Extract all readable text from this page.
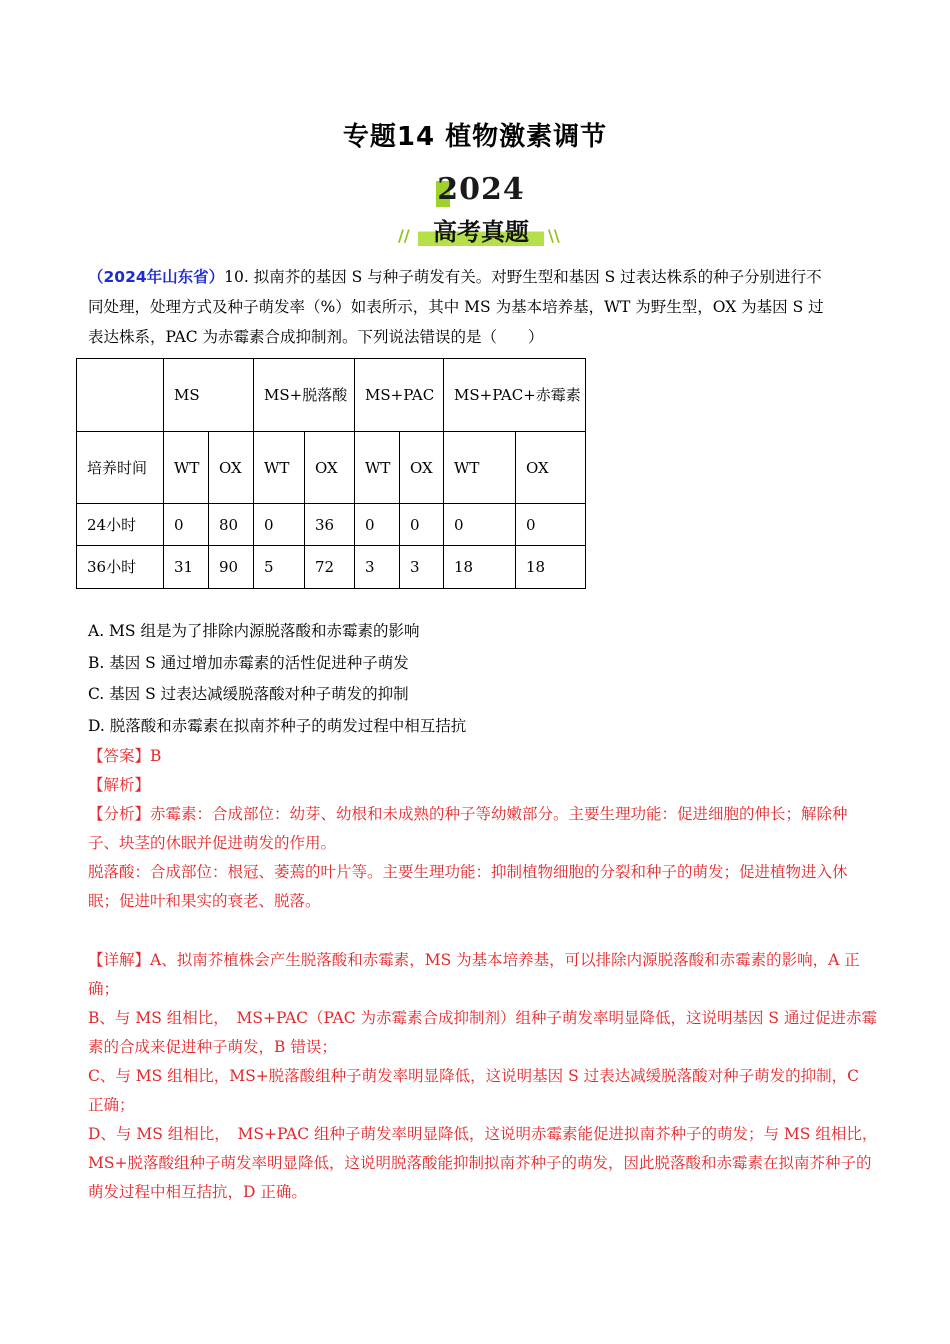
专题14 植物激素调节
2024
// 高考真题	\\
（2024年山东省）10. 拟南芥的基因 S 与种子萌发有关。对野生型和基因 S 过表达株系的种子分别进行不
同处理，处理方式及种子萌发率（%）如表所示，其中 MS 为基本培养基，WT 为野生型，OX 为基因 S 过
表达株系，PAC 为赤霉素合成抑制剂。下列说法错误的是（　　）
	MS		MS+脱落酸		MS+PAC		MS+PAC+赤霉素	
培养时间	WT	OX	WT	OX	WT	OX	WT	OX
24小时	0	80	0	36	0	0	0	0
36小时	31	90	5	72	3	3	18	18
A. MS 组是为了排除内源脱落酸和赤霉素的影响
B. 基因 S 通过增加赤霉素的活性促进种子萌发
C. 基因 S 过表达减缓脱落酸对种子萌发的抑制
D. 脱落酸和赤霉素在拟南芥种子的萌发过程中相互拮抗

【答案】B

【解析】

【分析】赤霉素：合成部位：幼芽、幼根和未成熟的种子等幼嫩部分。主要生理功能：促进细胞的伸长；解除种子、块茎的休眠并促进萌发的作用。

脱落酸：合成部位：根冠、萎蔫的叶片等。主要生理功能：抑制植物细胞的分裂和种子的萌发；促进植物进入休眠；促进叶和果实的衰老、脱落。

【详解】A、拟南芥植株会产生脱落酸和赤霉素，MS 为基本培养基，可以排除内源脱落酸和赤霉素的影响，A 正确；

B、与 MS 组相比，　MS+PAC（PAC 为赤霉素合成抑制剂）组种子萌发率明显降低，这说明基因 S 通过促进赤霉素的合成来促进种子萌发，B 错误；

C、与 MS 组相比，MS+脱落酸组种子萌发率明显降低，这说明基因 S 过表达减缓脱落酸对种子萌发的抑制，C 正确；

D、与 MS 组相比，　MS+PAC 组种子萌发率明显降低，这说明赤霉素能促进拟南芥种子的萌发；与 MS 组相比，MS+脱落酸组种子萌发率明显降低，这说明脱落酸能抑制拟南芥种子的萌发，因此脱落酸和赤霉素在拟南芥种子的萌发过程中相互拮抗，D 正确。
